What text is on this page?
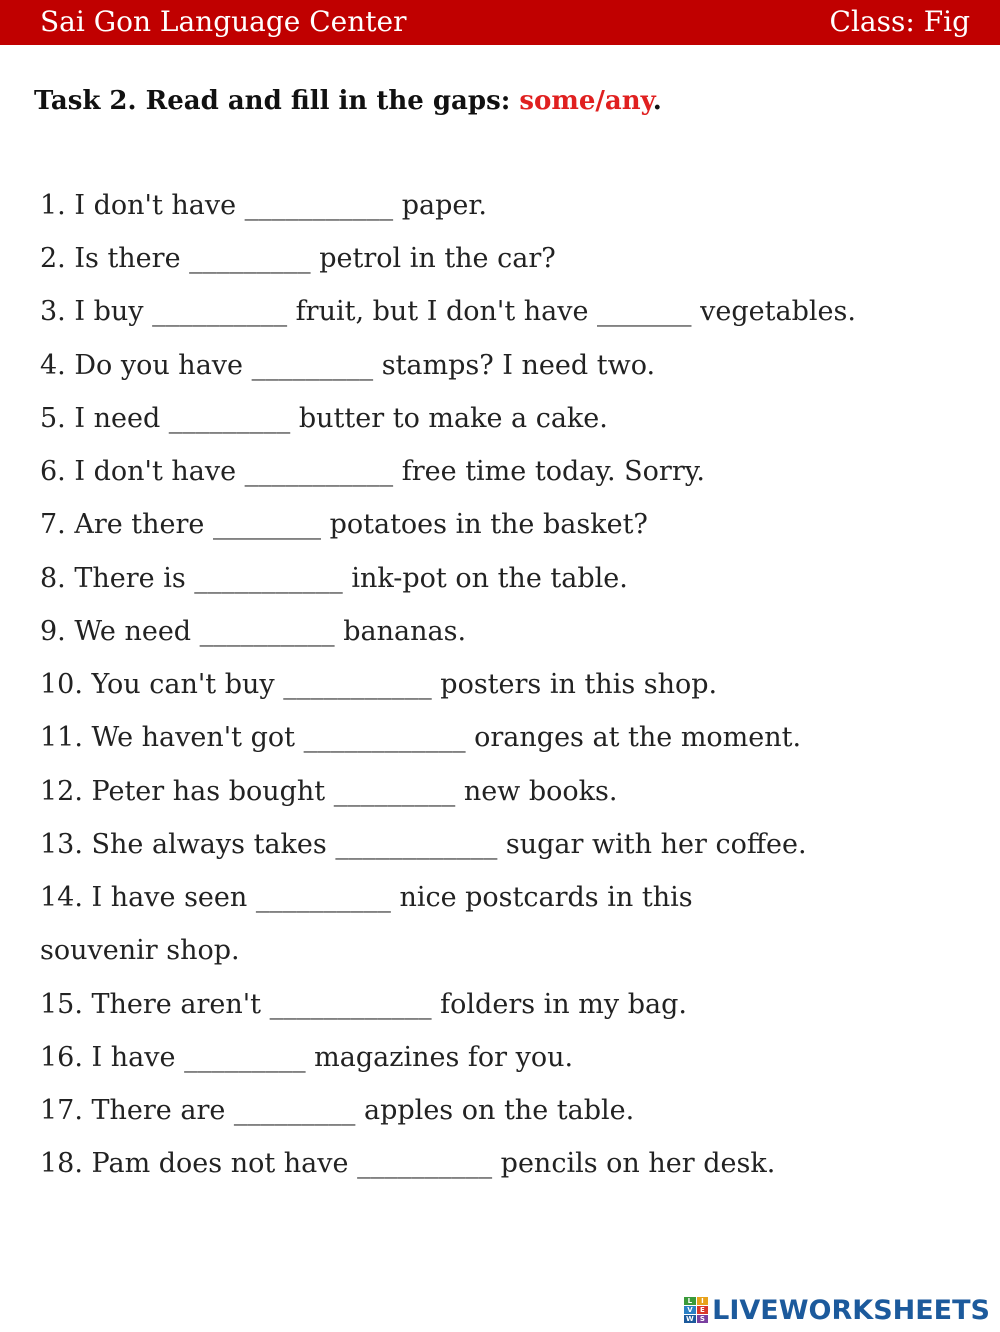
Sai Gon Language Center	Class: Fig
Task 2. Read and fill in the gaps: some/any.
1. I don't have ___________ paper.
2. Is there _________ petrol in the car?
3. I buy __________ fruit, but I don't have _______ vegetables.
4. Do you have _________ stamps? I need two.
5. I need _________ butter to make a cake.
6. I don't have ___________ free time today. Sorry.
7. Are there ________ potatoes in the basket?
8. There is ___________ ink-pot on the table.
9. We need __________ bananas.
10. You can't buy ___________ posters in this shop.
11. We haven't got ____________ oranges at the moment.
12. Peter has bought _________ new books.
13. She always takes ____________ sugar with her coffee.
14. I have seen __________ nice postcards in this
souvenir shop.
15. There aren't ____________ folders in my bag.
16. I have _________ magazines for you.
17. There are _________ apples on the table.
18. Pam does not have __________ pencils on her desk.
L	I
V	E
W S LIVEWORKSHEETS
